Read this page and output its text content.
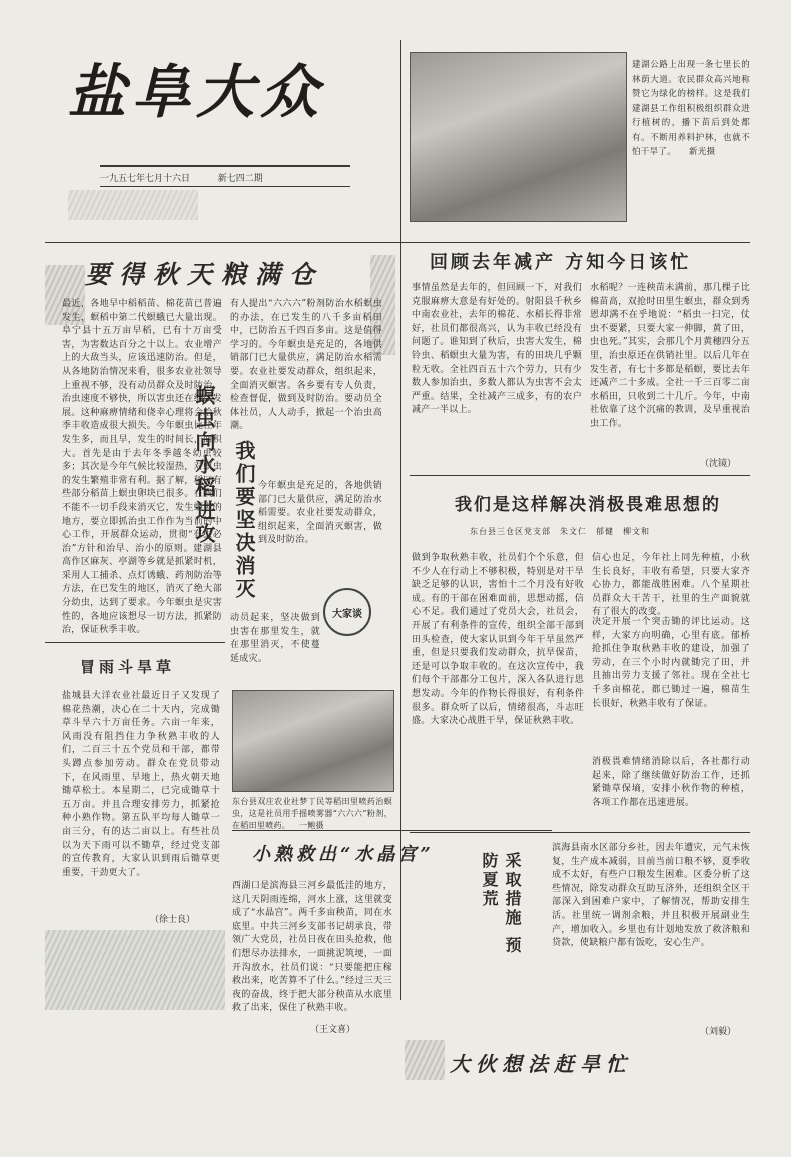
盐阜大众
一九五七年七月十六日	新七四二期
建湖公路上出现一条七里长的林荫大道。农民群众高兴地称赞它为绿化的榜样。这是我们建湖县工作组积极组织群众进行植树的，播下苗后到处都有。不断用养料护林，也就不怕干旱了。 新光摄
要得秋天粮满仓
最近，各地早中稻稻苗、棉花苗已普遍发生，螟稻中第二代螟蛾已大量出现。阜宁县十五万亩早稻，已有十万亩受害，为害数达百分之十以上。农业增产上的大敌当头，应该迅速防治。但是，从各地防治情况来看，很多农业社领导上重视不够，没有动员群众及时防治，治虫速度不够快，所以害虫还在继续发展。这种麻痹情绪和侥幸心理将会给秋季丰收造成很大损失。今年螟虫比往年发生多，而且早，发生的时间长，面积大。首先是由于去年冬季越冬幼虫较多；其次是今年气候比较湿热，对螟虫的发生繁殖非常有利。据了解，稻区有些部分稻苗上螟虫卵块已很多。在我们不能不一切手段来消灭它，发生螟害的地方，要立即抓治虫工作作为当前的中心工作，开展群众运动，贯彻“有虫必治”方针和治早、治小的原则。建湖县高作区麻灰、亭湖等乡就是抓紧时机，采用人工捕杀、点灯诱蛾、药剂防治等方法，在已发生的地区，消灭了绝大部分幼虫，达到了要求。今年螟虫是灾害性的，各地应该想尽一切方法，抓紧防治，保证秋季丰收。
螟虫向水稻进攻 我们要坚决消灭
有人提出“六六六”粉剂防治水稻螟虫的办法，在已发生的八千多亩稻田中，已防治五千四百多亩。这是值得学习的。今年螟虫是充足的，各地供销部门已大量供应，满足防治水稻需要。农业社要发动群众，组织起来，全面消灭螟害。各乡要有专人负责，检查督促，做到及时防治。要动员全体社员，人人动手，掀起一个治虫高潮。
今年螟虫是充足的，各地供销部门已大量供应，满足防治水稻需要。农业社要发动群众，组织起来，全面消灭螟害，做到及时防治。
大家谈
动员起来，坚决做到虫害在那里发生，就在那里消灭，不使蔓延成灾。
冒雨斗旱草
盐城县大洋农业社最近日子又发现了棉花热潮，决心在二十天内，完成锄草斗旱六十万亩任务。六亩一年来，风雨没有阻挡住力争秋熟丰收的人们，二百三十五个党员和干部，都带头蹲点参加劳动。群众在党员带动下，在风雨里、早地上，热火朝天地锄草松土。本星期二，已完成锄草十五万亩。并且合理安排劳力，抓紧抢种小熟作物。第五队平均每人锄草一亩三分，有的达二亩以上。有些社员以为天下雨可以不锄草，经过党支部的宣传教育，大家认识到雨后锄草更重要，干劲更大了。
（徐士良）
东台县双庄农业社梦丁民等稻田里喷药治螟虫，这是社员用手摇喷雾器“六六六”粉剂，在稻田里喷药。 一鲍摄
小熟救出“水晶宫”
西湖口是滨海县三河乡最低洼的地方，这几天阴雨连绵，河水上涨，这里就变成了“水晶宫”。两千多亩秧苗，同在水底里。中共三河乡支部书记胡承良，带领广大党员，社员日夜在田头抢救，他们想尽办法排水，一面挑泥筑埂，一面开沟放水，社员们说：“只要能把庄稼救出来，吃苦算不了什么。”经过三天三夜的奋战，终于把大部分秧苗从水底里救了出来，保住了秋熟丰收。
（王文喜）
回顾去年减产 方知今日该忙
事情虽然是去年的，但回顾一下，对我们克服麻痹大意是有好处的。射阳县千秋乡中南农业社，去年的棉花、水稻长得非常好，社员们都很高兴，认为丰收已经没有问题了。谁知到了秋后，虫害大发生，棉铃虫、稻螟虫大量为害，有的田块几乎颗粒无收。全社四百五十六个劳力，只有少数人参加治虫，多数人都认为虫害不会太严重。结果，全社减产三成多，有的农户减产一半以上。
水稻呢？一连秧苗未满前，那几棵子比棉苗高，双抢时田里生螟虫，群众到秀恩却满不在乎地说：“稻虫一扫完，仗虫不要紧，只要大家一伸脚，黄了田，虫也死。”其实，会那几个月黄穗四分五里，治虫原还在供销社里。以后几年在发生者，有七十多都是稻螟，要比去年还减产二十多成。全社一千三百零二亩水稻田，只收到二十几斤。今年，中南社依靠了这个沉痛的教训，及早重视治虫工作。
（沈镜）
我们是这样解决消极畏难思想的
东台县三仓区党支部　朱文仁　郁健　柳文和
做到争取秋熟丰收，社员们个个乐意，但不少人在行动上不够积极，特别是对干旱缺乏足够的认识，害怕十二个月没有好收成。有的干部在困难面前，思想动摇，信心不足。我们通过了党员大会，社员会，开展了有利条件的宣传，组织全部干部到田头检查，使大家认识到今年干旱虽然严重，但是只要我们发动群众，抗旱保苗，还是可以争取丰收的。在这次宣传中，我们每个干部都分工包片，深入各队进行思想发动。今年的作物长得很好，有利条件很多。群众听了以后，情绪很高，斗志旺盛。大家决心战胜干旱，保证秋熟丰收。
信心也足，今年社上同先种植，小秋生长良好，丰收有希望，只要大家齐心协力，都能战胜困难。八个星期社员群众大干苦干，社里的生产面貌就有了很大的改变。
决定开展一个突击锄的评比运动。这样，大家方向明确，心里有底。郁桥抢抓住争取秋熟丰收的建设，加强了劳动，在三个小时内就锄完了田，并且抽出劳力支援了邻社。现在全社七千多亩棉花，都已锄过一遍，棉苗生长很好，秋熟丰收有了保证。
消极畏难情绪消除以后，各社都行动起来，除了继续做好防治工作，还抓紧锄草保墒，安排小秋作物的种植，各项工作都在迅速进展。
采取措施 预防夏荒
滨海县南水区部分乡社，因去年遭灾，元气未恢复，生产成本减弱，目前当前口粮不够，夏季收成不太好，有些户口粮发生困难。区委分析了这些情况，除发动群众互助互济外，还组织全区干部深入到困难户家中，了解情况，帮助安排生活。社里统一调剂余粮，并且积极开展副业生产，增加收入。乡里也有计划地发放了救济粮和贷款，使缺粮户都有饭吃，安心生产。
（刘毅）
大伙想法赶旱忙
